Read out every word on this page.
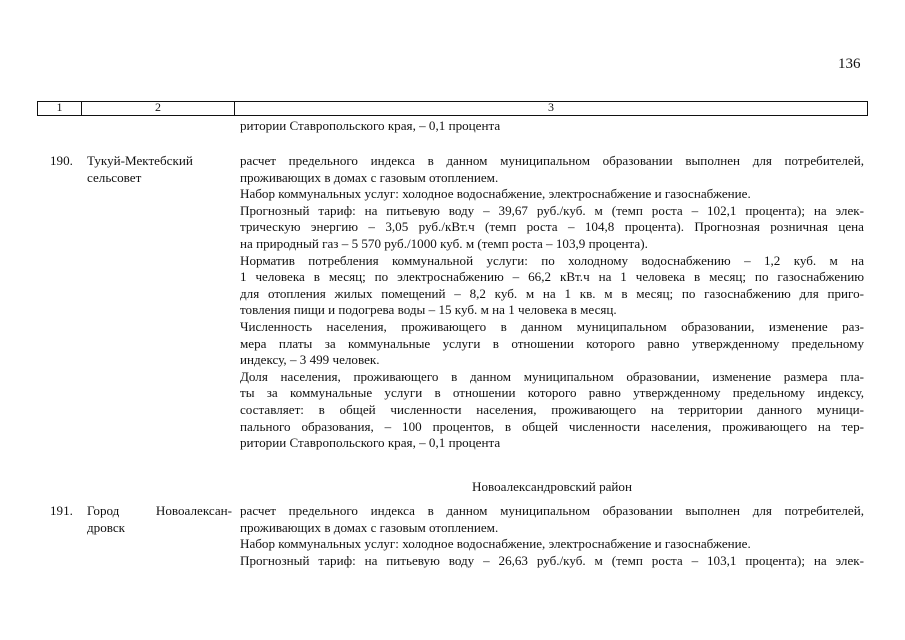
136
1	2	3
ритории Ставропольского края, – 0,1 процента
190. Тукуй-Мектебский
сельсовет
расчет предельного индекса в данном муниципальном образовании выполнен для потребителей,
проживающих в домах с газовым отоплением.
Набор коммунальных услуг: холодное водоснабжение, электроснабжение и газоснабжение.
Прогнозный тариф: на питьевую воду – 39,67 руб./куб. м (темп роста – 102,1 процента); на элек-
трическую энергию – 3,05 руб./кВт.ч (темп роста – 104,8 процента). Прогнозная розничная цена
на природный газ – 5 570 руб./1000 куб. м (темп роста – 103,9 процента).
Норматив потребления коммунальной услуги: по холодному водоснабжению – 1,2 куб. м на
1 человека в месяц; по электроснабжению – 66,2 кВт.ч на 1 человека в месяц; по газоснабжению
для отопления жилых помещений – 8,2 куб. м на 1 кв. м в месяц; по газоснабжению для приго-
товления пищи и подогрева воды – 15 куб. м на 1 человека в месяц.
Численность населения, проживающего в данном муниципальном образовании, изменение раз-
мера платы за коммунальные услуги в отношении которого равно утвержденному предельному
индексу, – 3 499 человек.
Доля населения, проживающего в данном муниципальном образовании, изменение размера пла-
ты за коммунальные услуги в отношении которого равно утвержденному предельному индексу,
составляет: в общей численности населения, проживающего на территории данного муници-
пального образования, – 100 процентов, в общей численности населения, проживающего на тер-
ритории Ставропольского края, – 0,1 процента
Новоалександровский район
191. Город Новоалексан-
дровск
расчет предельного индекса в данном муниципальном образовании выполнен для потребителей,
проживающих в домах с газовым отоплением.
Набор коммунальных услуг: холодное водоснабжение, электроснабжение и газоснабжение.
Прогнозный тариф: на питьевую воду – 26,63 руб./куб. м (темп роста – 103,1 процента); на элек-
